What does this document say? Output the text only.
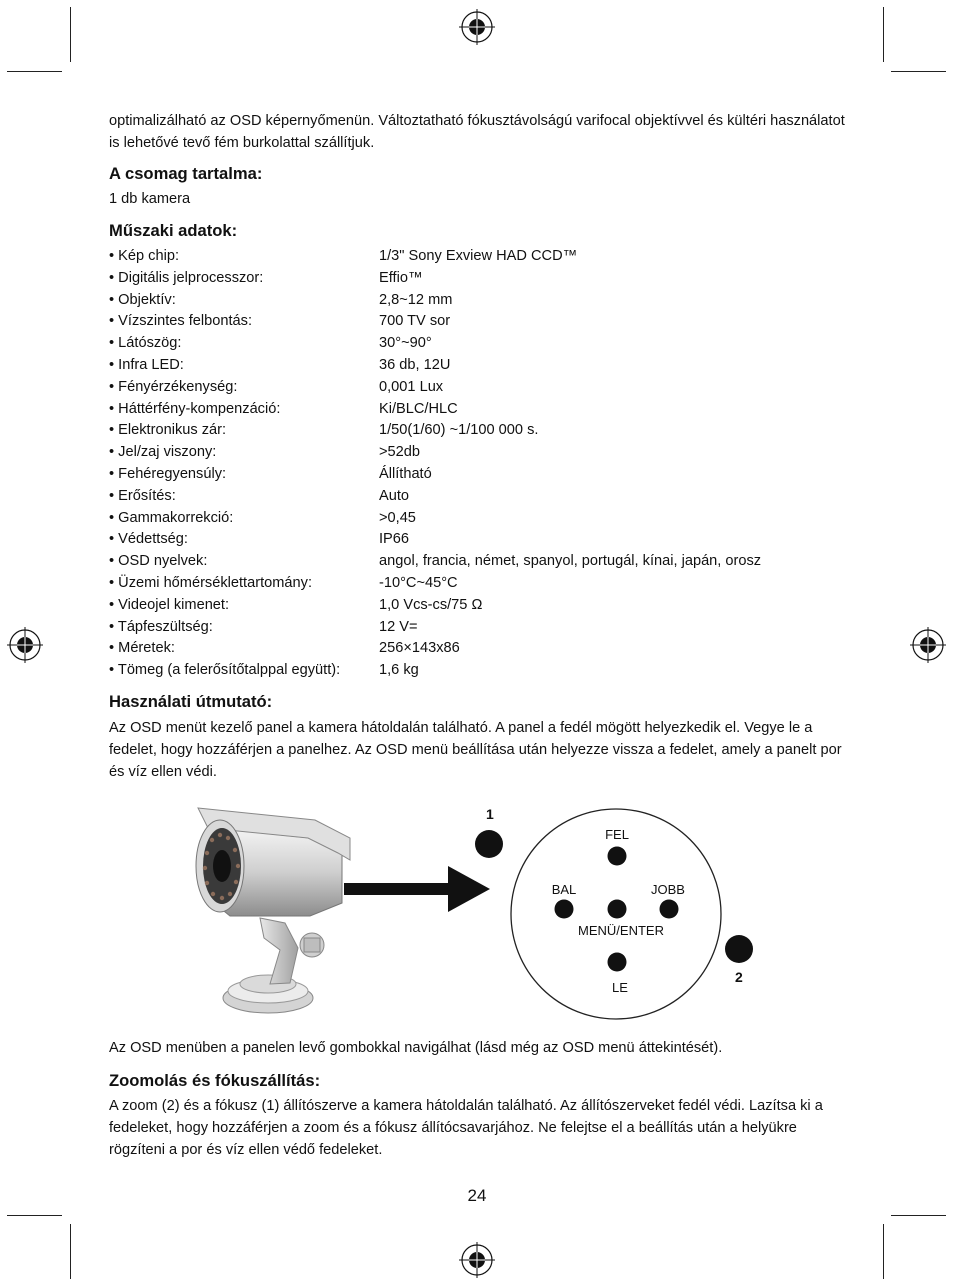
optimalizálható az OSD képernyőmenün. Változtatható fókusztávolságú varifocal objektívvel és kültéri használatot is lehetővé tevő fém burkolattal szállítjuk.
A csomag tartalma:
1 db kamera
Műszaki adatok:
• Kép chip:	1/3" Sony Exview HAD CCD™
• Digitális jelprocesszor:	Effio™
• Objektív:	2,8~12 mm
• Vízszintes felbontás:	700 TV sor
• Látószög:	30°~90°
• Infra LED:	36 db, 12U
• Fényérzékenység:	0,001 Lux
• Háttérfény-kompenzáció:	Ki/BLC/HLC
• Elektronikus zár:	1/50(1/60) ~1/100 000 s.
• Jel/zaj viszony:	>52db
• Fehéregyensúly:	Állítható
• Erősítés:	Auto
• Gammakorrekció:	>0,45
• Védettség:	IP66
• OSD nyelvek:	angol, francia, német, spanyol, portugál, kínai, japán, orosz
• Üzemi hőmérséklettartomány:	-10°C~45°C
• Videojel kimenet:	1,0 Vcs-cs/75 Ω
• Tápfeszültség:	12 V=
• Méretek:	256×143x86
• Tömeg (a felerősítőtalppal együtt):	1,6 kg
Használati útmutató:
Az OSD menüt kezelő panel a kamera hátoldalán található. A panel a fedél mögött helyezkedik el. Vegye le a fedelet, hogy hozzáférjen a panelhez. Az OSD menü beállítása után helyezze vissza a fedelet, amely a panelt por és víz ellen védi.
1
2
FEL
BAL	JOBB
MENÜ/ENTER
LE
Az OSD menüben a panelen levő gombokkal navigálhat (lásd még az OSD menü áttekintését).
Zoomolás és fókuszállítás:
A zoom (2) és a fókusz (1) állítószerve a kamera hátoldalán található. Az állítószerveket fedél védi. Lazítsa ki a fedeleket, hogy hozzáférjen a zoom és a fókusz állítócsavarjához. Ne felejtse el a beállítás után a helyükre rögzíteni a por és víz ellen védő fedeleket.
24
